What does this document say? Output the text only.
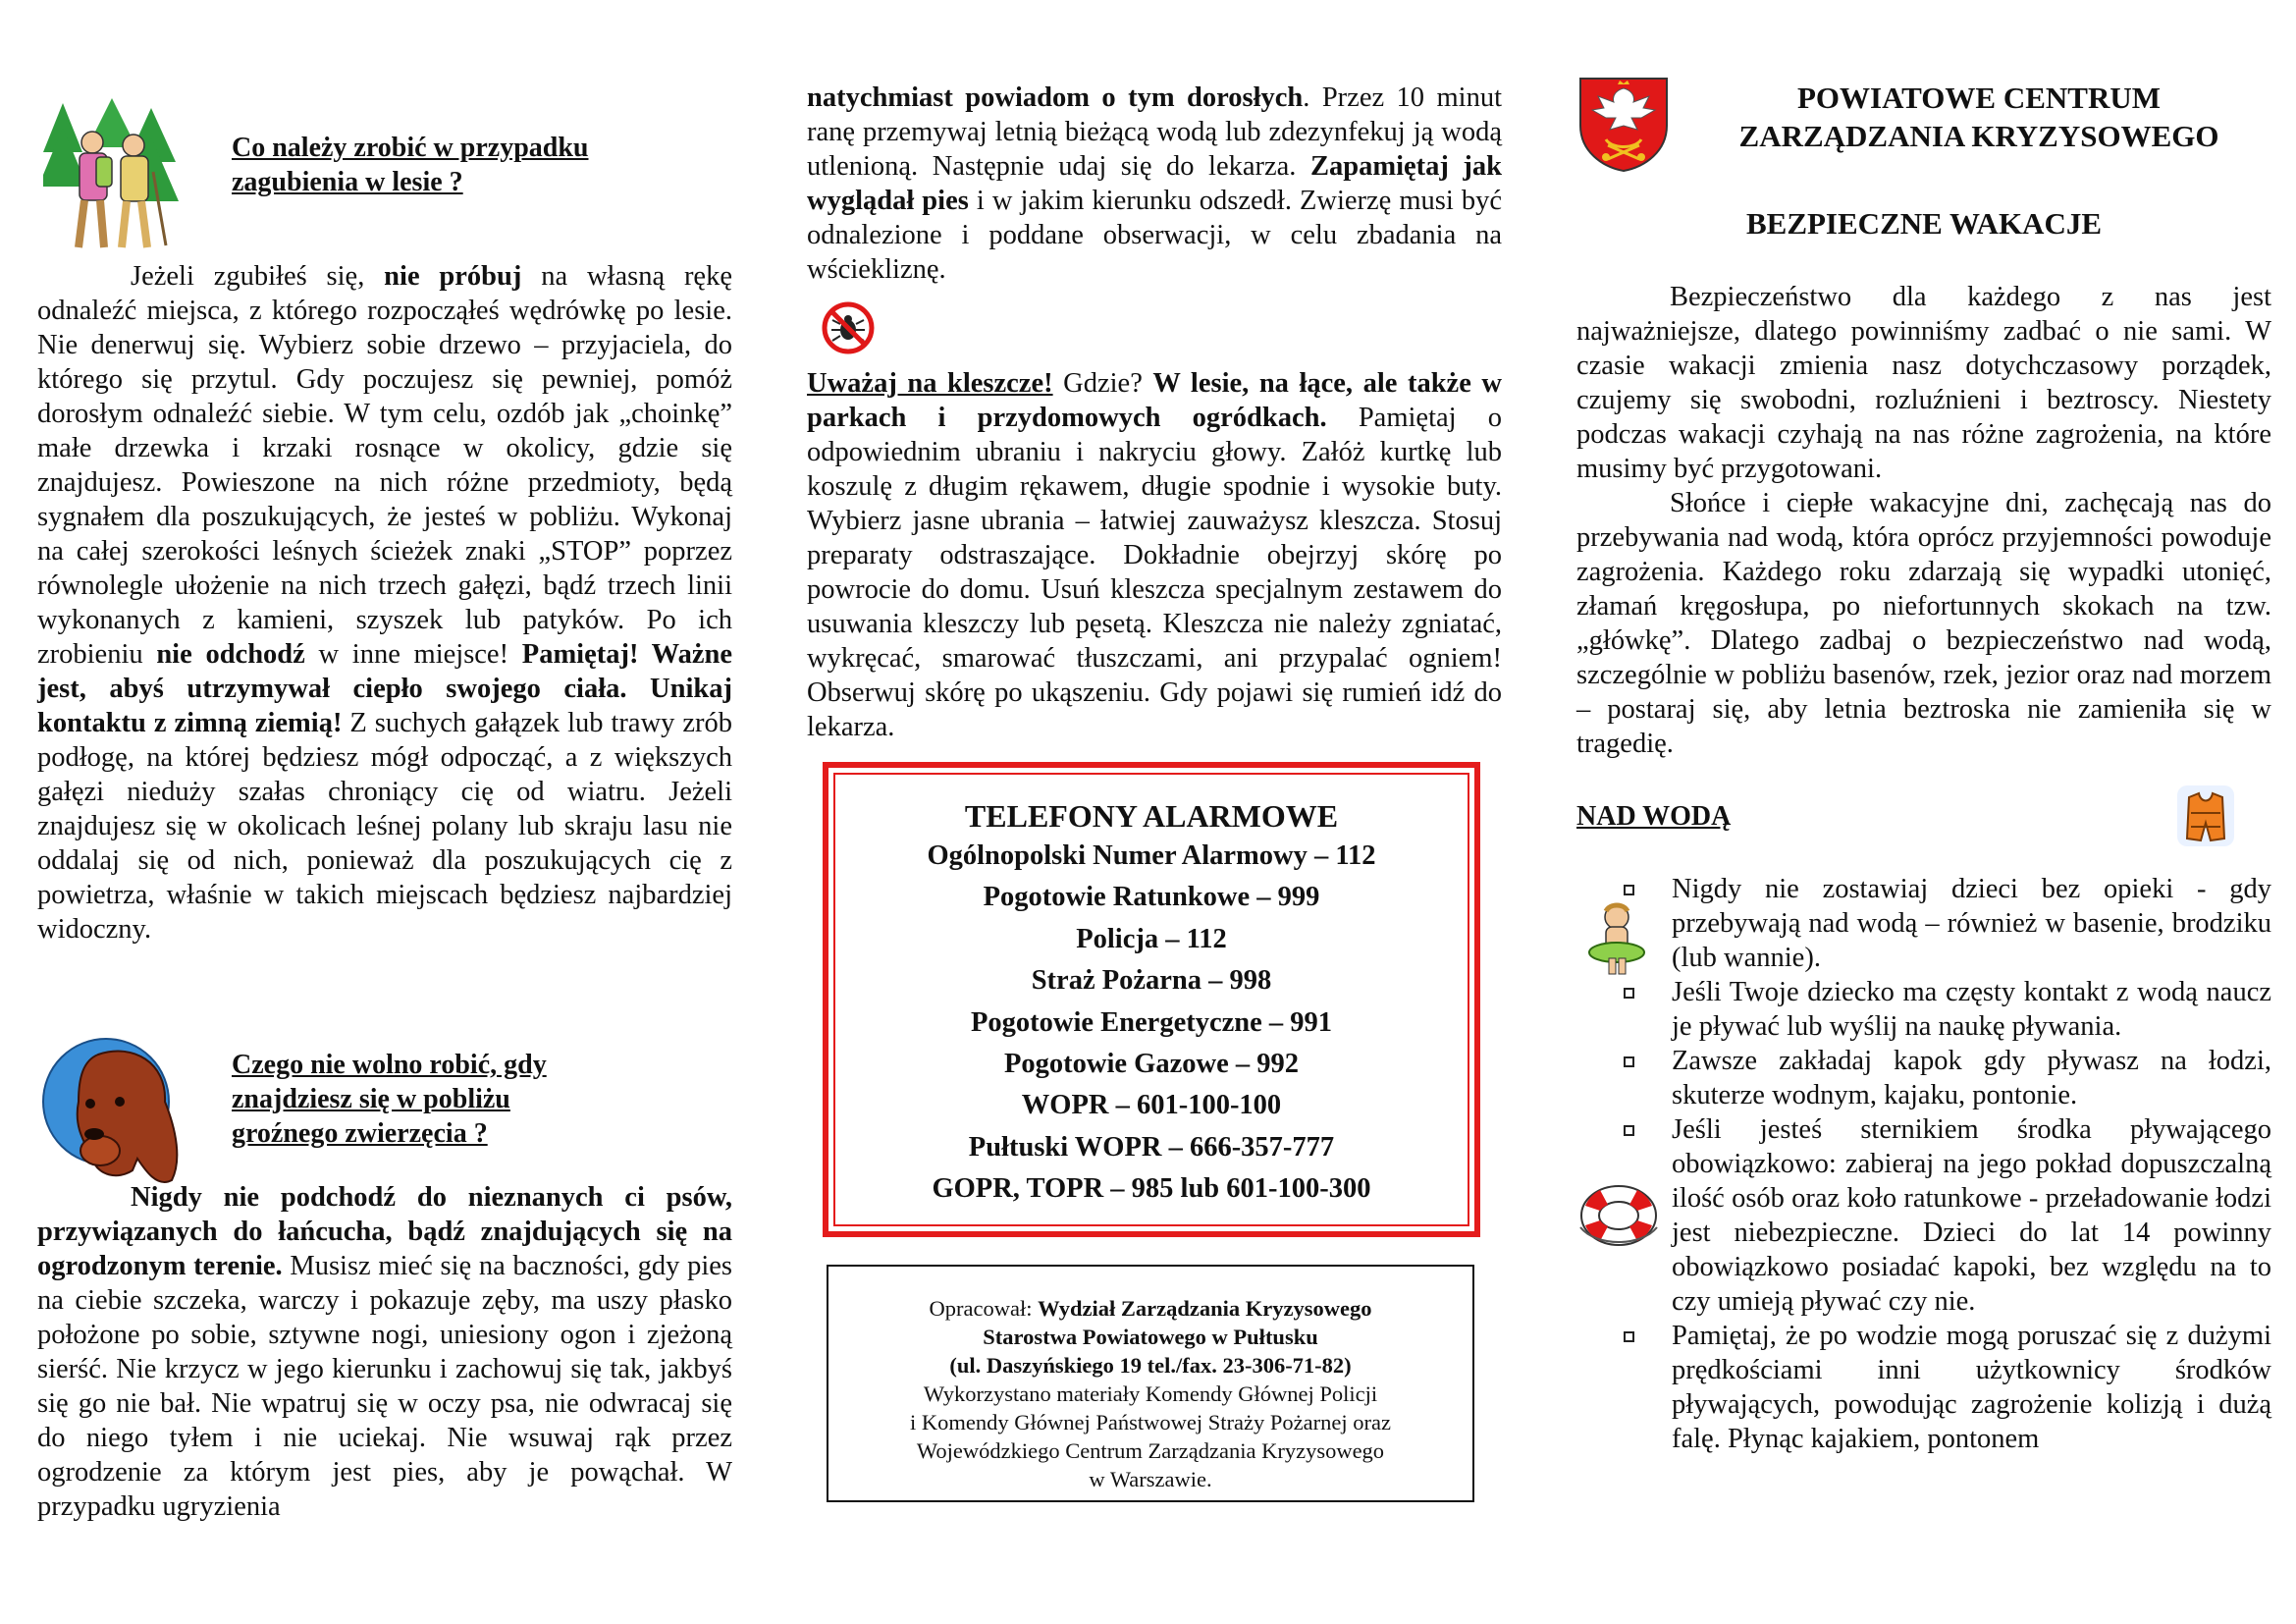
Co należy zrobić w przypadku
zagubienia w lesie ?

Jeżeli zgubiłeś się, nie próbuj na własną rękę odnaleźć miejsca, z którego rozpocząłeś wędrówkę po lesie. Nie denerwuj się. Wybierz sobie drzewo – przyjaciela, do którego się przytul. Gdy poczujesz się pewniej, pomóż dorosłym odnaleźć siebie. W tym celu, ozdób jak „choinkę” małe drzewka i krzaki rosnące w okolicy, gdzie się znajdujesz. Powieszone na nich różne przedmioty, będą sygnałem dla poszukujących, że jesteś w pobliżu. Wykonaj na całej szerokości leśnych ścieżek znaki „STOP” poprzez równolegle ułożenie na nich trzech gałęzi, bądź trzech linii wykonanych z kamieni, szyszek lub patyków. Po ich zrobieniu nie odchodź w inne miejsce! Pamiętaj! Ważne jest, abyś utrzymywał ciepło swojego ciała. Unikaj kontaktu z zimną ziemią! Z suchych gałązek lub trawy zrób podłogę, na której będziesz mógł odpocząć, a z większych gałęzi nieduży szałas chroniący cię od wiatru. Jeżeli znajdujesz się w okolicach leśnej polany lub skraju lasu nie oddalaj się od nich, ponieważ dla poszukujących cię z powietrza, właśnie w takich miejscach będziesz najbardziej widoczny.

Czego nie wolno robić, gdy
znajdziesz się w pobliżu
groźnego zwierzęcia ?

Nigdy nie podchodź do nieznanych ci psów, przywiązanych do łańcucha, bądź znajdujących się na ogrodzonym terenie. Musisz mieć się na baczności, gdy pies na ciebie szczeka, warczy i pokazuje zęby, ma uszy płasko położone po sobie, sztywne nogi, uniesiony ogon i zjeżoną sierść. Nie krzycz w jego kierunku i zachowuj się tak, jakbyś się go nie bał. Nie wpatruj się w oczy psa, nie odwracaj się do niego tyłem i nie uciekaj. Nie wsuwaj rąk przez ogrodzenie za którym jest pies, aby je powąchał. W przypadku ugryzienia

natychmiast powiadom o tym dorosłych. Przez 10 minut ranę przemywaj letnią bieżącą wodą lub zdezynfekuj ją wodą utlenioną. Następnie udaj się do lekarza. Zapamiętaj jak wyglądał pies i w jakim kierunku odszedł. Zwierzę musi być odnalezione i poddane obserwacji, w celu zbadania na wściekliznę.

Uważaj na kleszcze! Gdzie? W lesie, na łące, ale także w parkach i przydomowych ogródkach. Pamiętaj o odpowiednim ubraniu i nakryciu głowy. Załóż kurtkę lub koszulę z długim rękawem, długie spodnie i wysokie buty. Wybierz jasne ubrania – łatwiej zauważysz kleszcza. Stosuj preparaty odstraszające. Dokładnie obejrzyj skórę po powrocie do domu. Usuń kleszcza specjalnym zestawem do usuwania kleszczy lub pęsetą. Kleszcza nie należy zgniatać, wykręcać, smarować tłuszczami, ani przypalać ogniem! Obserwuj skórę po ukąszeniu. Gdy pojawi się rumień idź do lekarza.

TELEFONY ALARMOWE
Ogólnopolski Numer Alarmowy – 112
Pogotowie Ratunkowe – 999
Policja – 112
Straż Pożarna – 998
Pogotowie Energetyczne – 991
Pogotowie Gazowe – 992
WOPR – 601-100-100
Pułtuski WOPR – 666-357-777
GOPR, TOPR – 985 lub 601-100-300
Opracował: Wydział Zarządzania Kryzysowego
Starostwa Powiatowego w Pułtusku
(ul. Daszyńskiego 19 tel./fax. 23-306-71-82)
Wykorzystano materiały Komendy Głównej Policji
i Komendy Głównej Państwowej Straży Pożarnej oraz
Wojewódzkiego Centrum Zarządzania Kryzysowego
w Warszawie.
POWIATOWE CENTRUM
ZARZĄDZANIA KRYZYSOWEGO
BEZPIECZNE WAKACJE

Bezpieczeństwo dla każdego z nas jest najważniejsze, dlatego powinniśmy zadbać o nie sami. W czasie wakacji zmienia nasz dotychczasowy porządek, czujemy się swobodni, rozluźnieni i beztroscy. Niestety podczas wakacji czyhają na nas różne zagrożenia, na które musimy być przygotowani.

Słońce i ciepłe wakacyjne dni, zachęcają nas do przebywania nad wodą, która oprócz przyjemności powoduje zagrożenia. Każdego roku zdarzają się wypadki utonięć, złamań kręgosłupa, po niefortunnych skokach na tzw. „główkę”. Dlatego zadbaj o bezpieczeństwo nad wodą, szczególnie w pobliżu basenów, rzek, jezior oraz nad morzem – postaraj się, aby letnia beztroska nie zamieniła się w tragedię.

NAD WODĄ
Nigdy nie zostawiaj dzieci bez opieki - gdy przebywają nad wodą – również w basenie, brodziku (lub wannie).
Jeśli Twoje dziecko ma częsty kontakt z wodą naucz je pływać lub wyślij na naukę pływania.
Zawsze zakładaj kapok gdy pływasz na łodzi, skuterze wodnym, kajaku, pontonie.
Jeśli jesteś sternikiem środka pływającego obowiązkowo: zabieraj na jego pokład dopuszczalną ilość osób oraz koło ratunkowe - przeładowanie łodzi jest niebezpieczne. Dzieci do lat 14 powinny obowiązkowo posiadać kapoki, bez względu na to czy umieją pływać czy nie.
Pamiętaj, że po wodzie mogą poruszać się z dużymi prędkościami inni użytkownicy środków pływających, powodując zagrożenie kolizją i dużą falę. Płynąc kajakiem, pontonem
